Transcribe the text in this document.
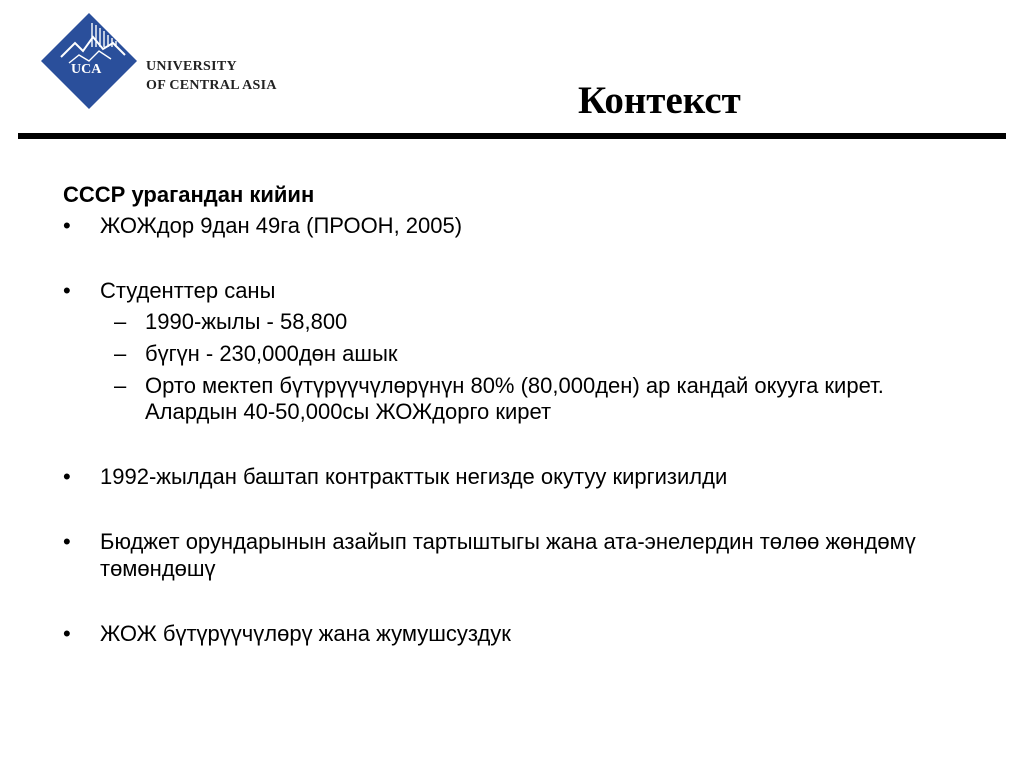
UCA	UNIVERSITY
OF CENTRAL ASIA	Контекст
СССР урагандан кийин
• ЖОЖдор 9дан 49га (ПРООН, 2005)
• Студенттер саны
– 1990-жылы - 58,800
– бүгүн - 230,000дөн ашык
– Орто мектеп бүтүрүүчүлөрүнүн 80% (80,000ден) ар кандай окууга кирет. Алардын 40-50,000сы ЖОЖдорго кирет
• 1992-жылдан баштап контракттык негизде окутуу киргизилди
• Бюджет орундарынын азайып тартыштыгы жана ата-энелердин төлөө жөндөмү төмөндөшү
• ЖОЖ бүтүрүүчүлөрү жана жумушсуздук
